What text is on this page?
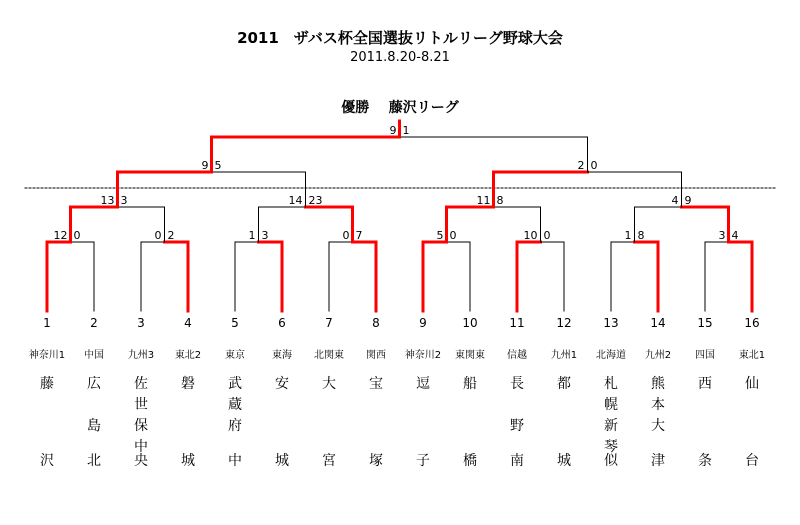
2011　ザバス杯全国選抜リトルリーグ野球大会
2011.8.20-8.21
優勝 藤沢リーグ
12 0	0 2	1 3	0 7	5 0	10 0	1 8	3 4
13 3	14 23	11 8	4 9
9 5	2 0
9 1
1
神奈川1
藤
沢
2
中国
広
島
北
3
九州3
佐
世
保
中
央
4
東北2
磐
城
5
東京
武
蔵
府
中
6
東海
安
城
7
北関東
大
宮
8
関西
宝
塚
9
神奈川2
逗
子
10
東関東
船
橋
11
信越
長
野
南
12
九州1
都
城
13
北海道
札
幌
新
琴
似
14
九州2
熊
本
大
津
15
四国
西
条
16
東北1
仙
台
